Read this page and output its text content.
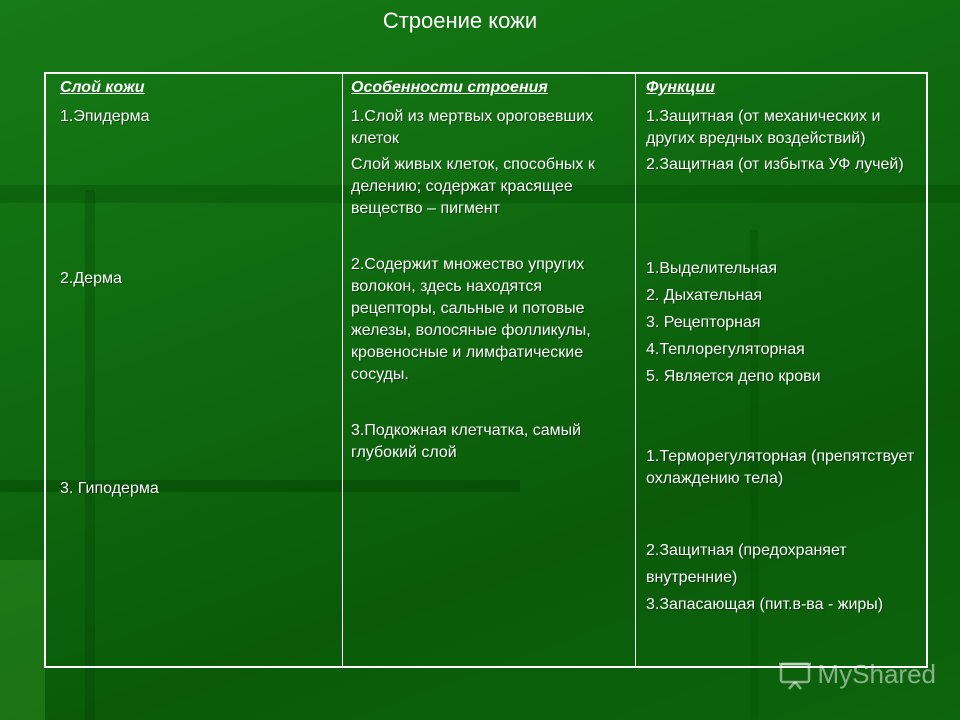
Строение кожи

Слой кожи

1.Эпидерма
2.Дерма
3. Гиподерма

Особенности строения

1.Слой из мертвых ороговевших клеток
Слой живых клеток, способных к делению; содержат красящее вещество – пигмент
2.Содержит множество упругих волокон, здесь находятся рецепторы, сальные и потовые железы, волосяные фолликулы, кровеносные и лимфатические сосуды.
3.Подкожная клетчатка, самый глубокий слой

Функции

1.Защитная (от механических и других вредных воздействий)
2.Защитная (от избытка УФ лучей)
1.Выделительная
2. Дыхательная
3. Рецепторная
4.Теплорегуляторная
5. Является депо крови
1.Терморегуляторная (препятствует охлаждению тела)
2.Защитная (предохраняет
внутренние)
3.Запасающая (пит.в-ва - жиры)
MyShared
